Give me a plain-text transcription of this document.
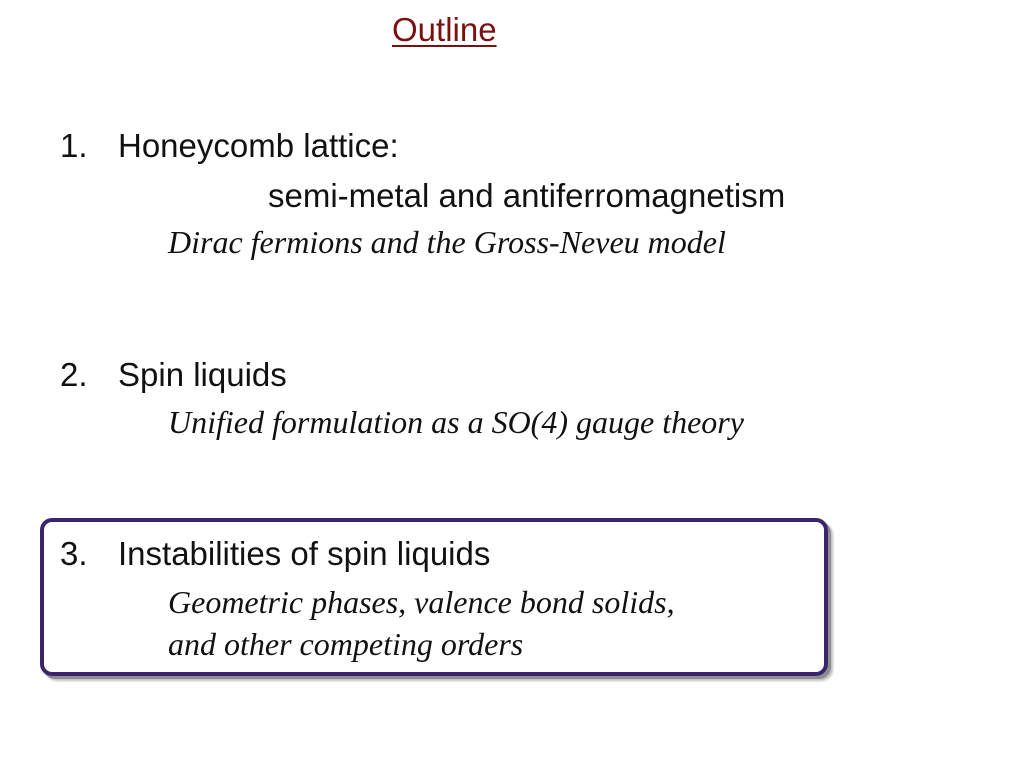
Outline
1. Honeycomb lattice:
semi-metal and antiferromagnetism
Dirac fermions and the Gross-Neveu model
2. Spin liquids
Unified formulation as a SO(4) gauge theory
3. Instabilities of spin liquids
Geometric phases, valence bond solids,
and other competing orders
